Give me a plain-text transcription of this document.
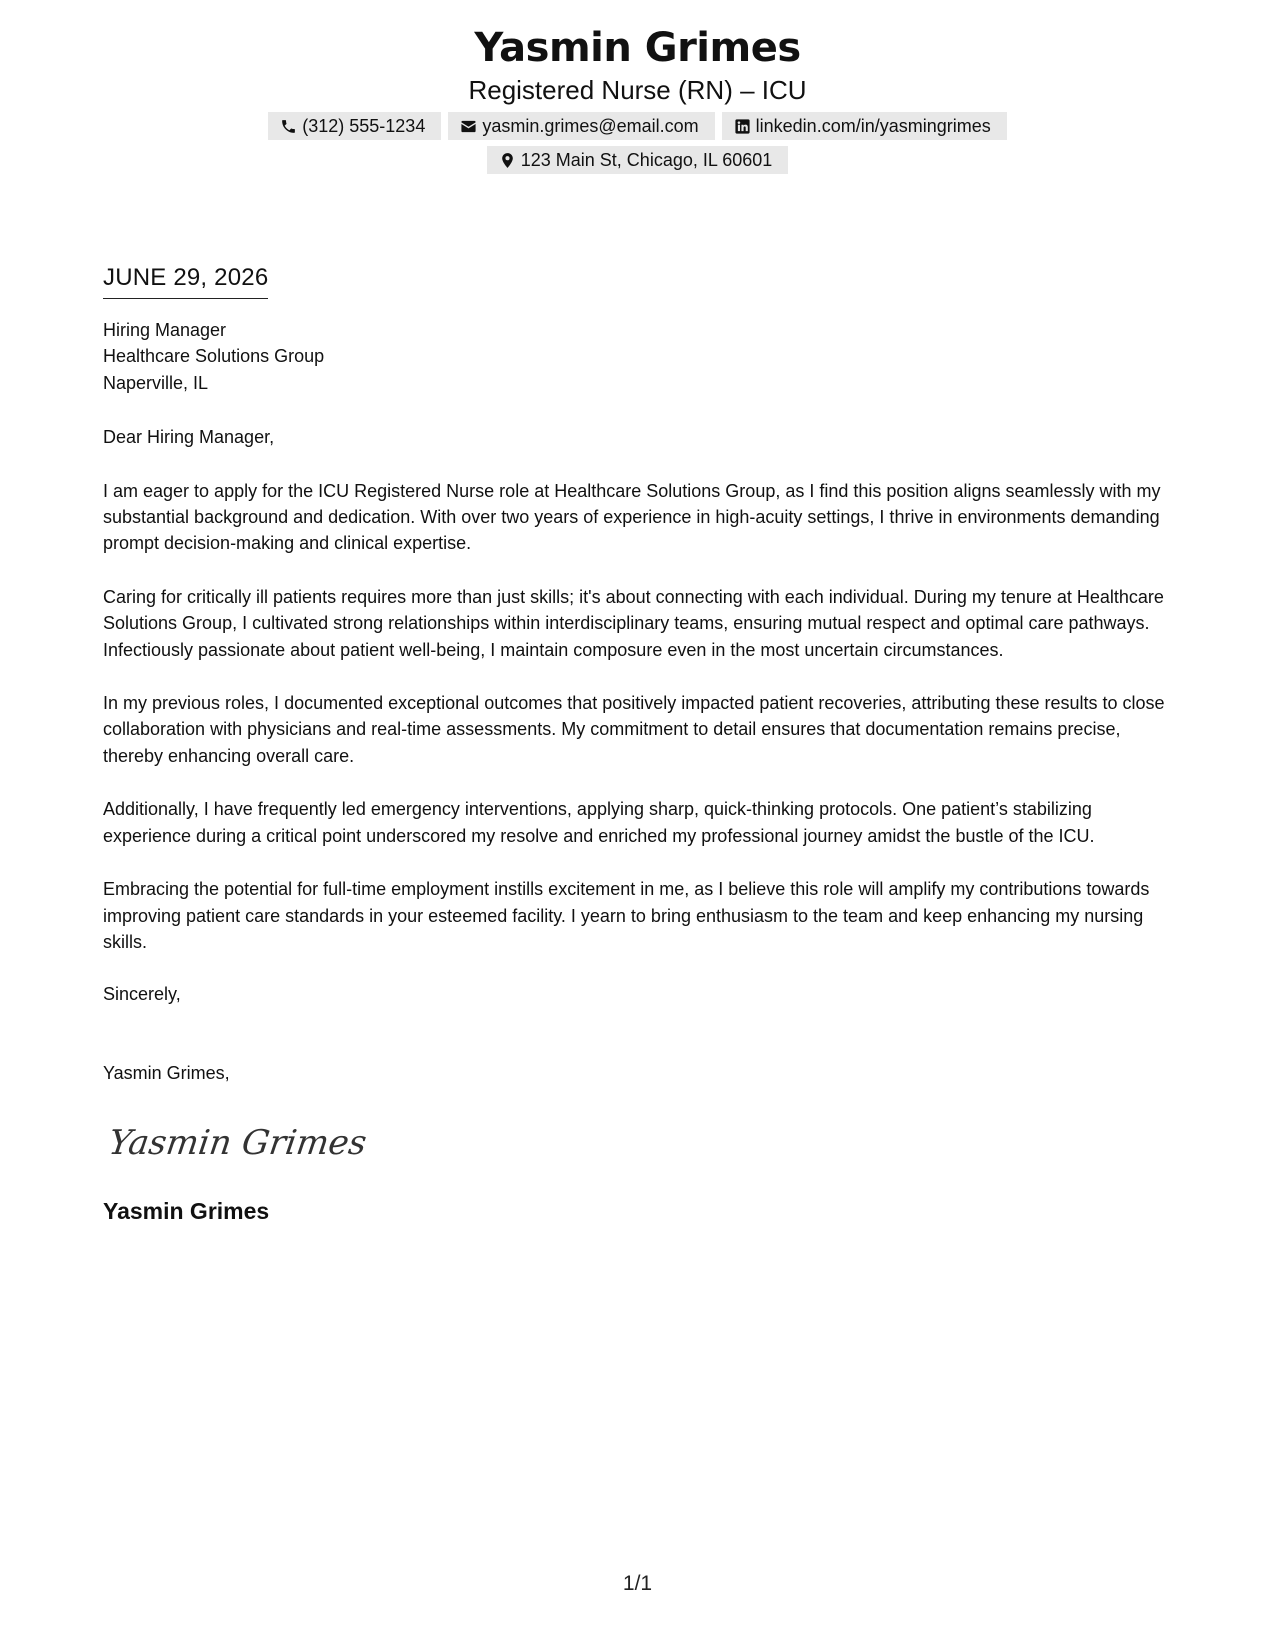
Yasmin Grimes
Registered Nurse (RN) – ICU
(312) 555-1234	yasmin.grimes@email.com	linkedin.com/in/yasmingrimes
123 Main St, Chicago, IL 60601
JUNE 29, 2026
Hiring Manager
Healthcare Solutions Group
Naperville, IL
Dear Hiring Manager,

I am eager to apply for the ICU Registered Nurse role at Healthcare Solutions Group, as I find this position aligns seamlessly with my substantial background and dedication. With over two years of experience in high-acuity settings, I thrive in environments demanding prompt decision-making and clinical expertise.

Caring for critically ill patients requires more than just skills; it's about connecting with each individual. During my tenure at Healthcare Solutions Group, I cultivated strong relationships within interdisciplinary teams, ensuring mutual respect and optimal care pathways. Infectiously passionate about patient well-being, I maintain composure even in the most uncertain circumstances.

In my previous roles, I documented exceptional outcomes that positively impacted patient recoveries, attributing these results to close collaboration with physicians and real-time assessments. My commitment to detail ensures that documentation remains precise, thereby enhancing overall care.

Additionally, I have frequently led emergency interventions, applying sharp, quick-thinking protocols. One patient’s stabilizing experience during a critical point underscored my resolve and enriched my professional journey amidst the bustle of the ICU.

Embracing the potential for full-time employment instills excitement in me, as I believe this role will amplify my contributions towards improving patient care standards in your esteemed facility. I yearn to bring enthusiasm to the team and keep enhancing my nursing skills.

Sincerely,
Yasmin Grimes,
Yasmin Grimes
Yasmin Grimes
1/1
